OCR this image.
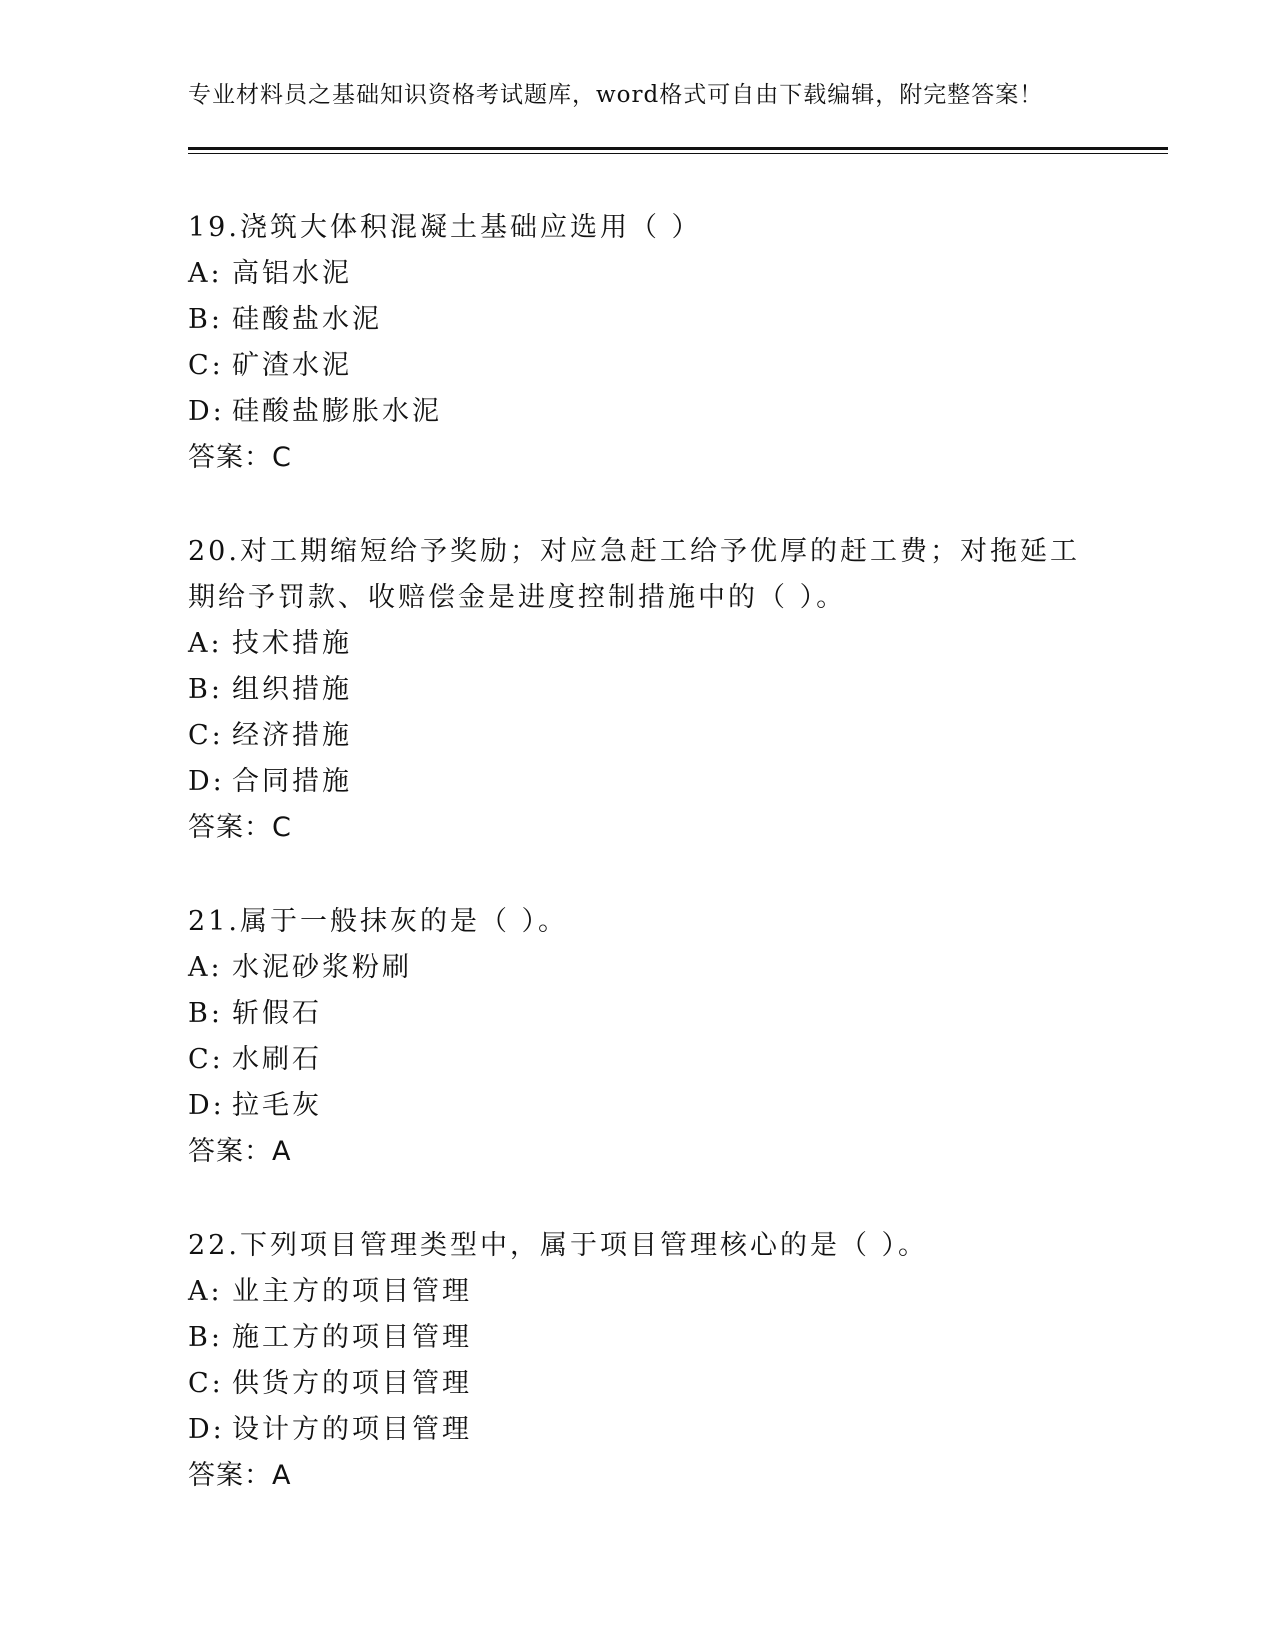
专业材料员之基础知识资格考试题库，word格式可自由下载编辑，附完整答案！
19.浇筑大体积混凝土基础应选用（ ）
A: 高铝水泥
B: 硅酸盐水泥
C: 矿渣水泥
D: 硅酸盐膨胀水泥
答案：C
20.对工期缩短给予奖励；对应急赶工给予优厚的赶工费；对拖延工期给予罚款、收赔偿金是进度控制措施中的（ ）。
A: 技术措施
B: 组织措施
C: 经济措施
D: 合同措施
答案：C
21.属于一般抹灰的是（ ）。
A: 水泥砂浆粉刷
B: 斩假石
C: 水刷石
D: 拉毛灰
答案：A
22.下列项目管理类型中，属于项目管理核心的是（ ）。
A: 业主方的项目管理
B: 施工方的项目管理
C: 供货方的项目管理
D: 设计方的项目管理
答案：A
